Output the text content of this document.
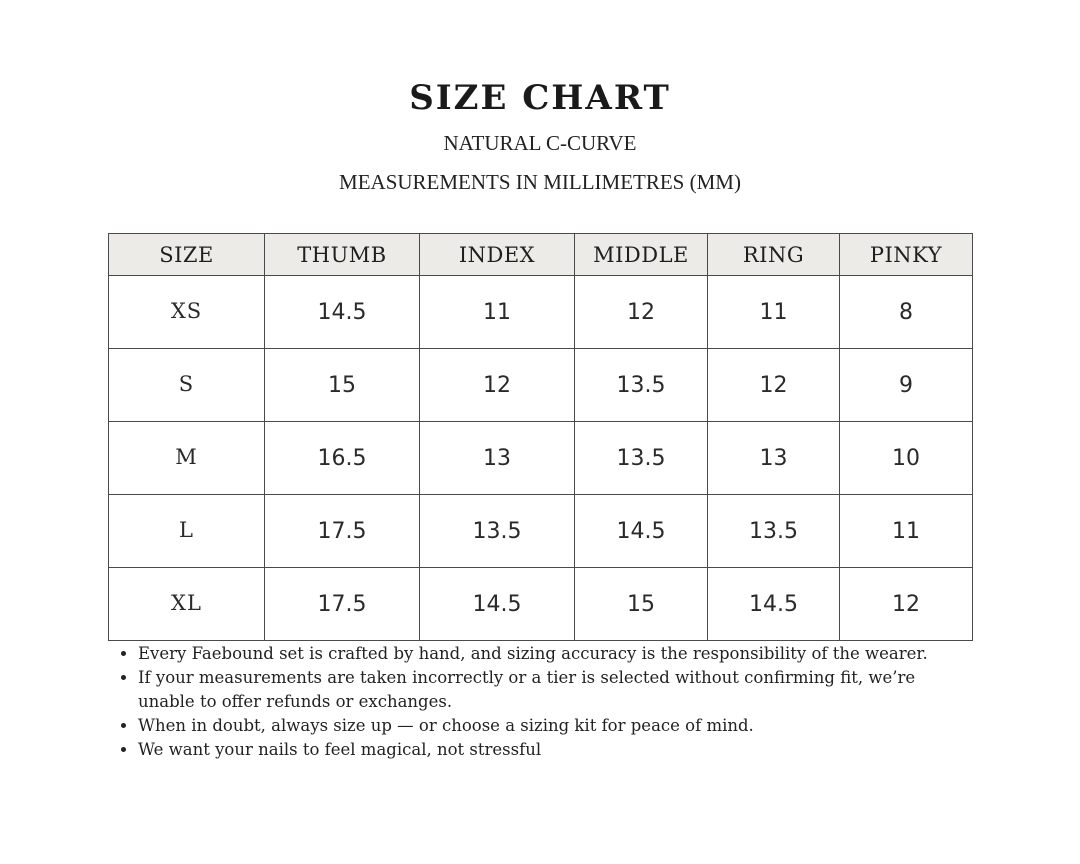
SIZE CHART
NATURAL C-CURVE
MEASUREMENTS IN MILLIMETRES (MM)
SIZE	THUMB	INDEX	MIDDLE	RING	PINKY
XS	14.5	11	12	11	8
S	15	12	13.5	12	9
M	16.5	13	13.5	13	10
L	17.5	13.5	14.5	13.5	11
XL	17.5	14.5	15	14.5	12
• Every Faebound set is crafted by hand, and sizing accuracy is the responsibility of the wearer.
• If your measurements are taken incorrectly or a tier is selected without confirming fit, we’re unable to offer refunds or exchanges.
• When in doubt, always size up — or choose a sizing kit for peace of mind.
• We want your nails to feel magical, not stressful
